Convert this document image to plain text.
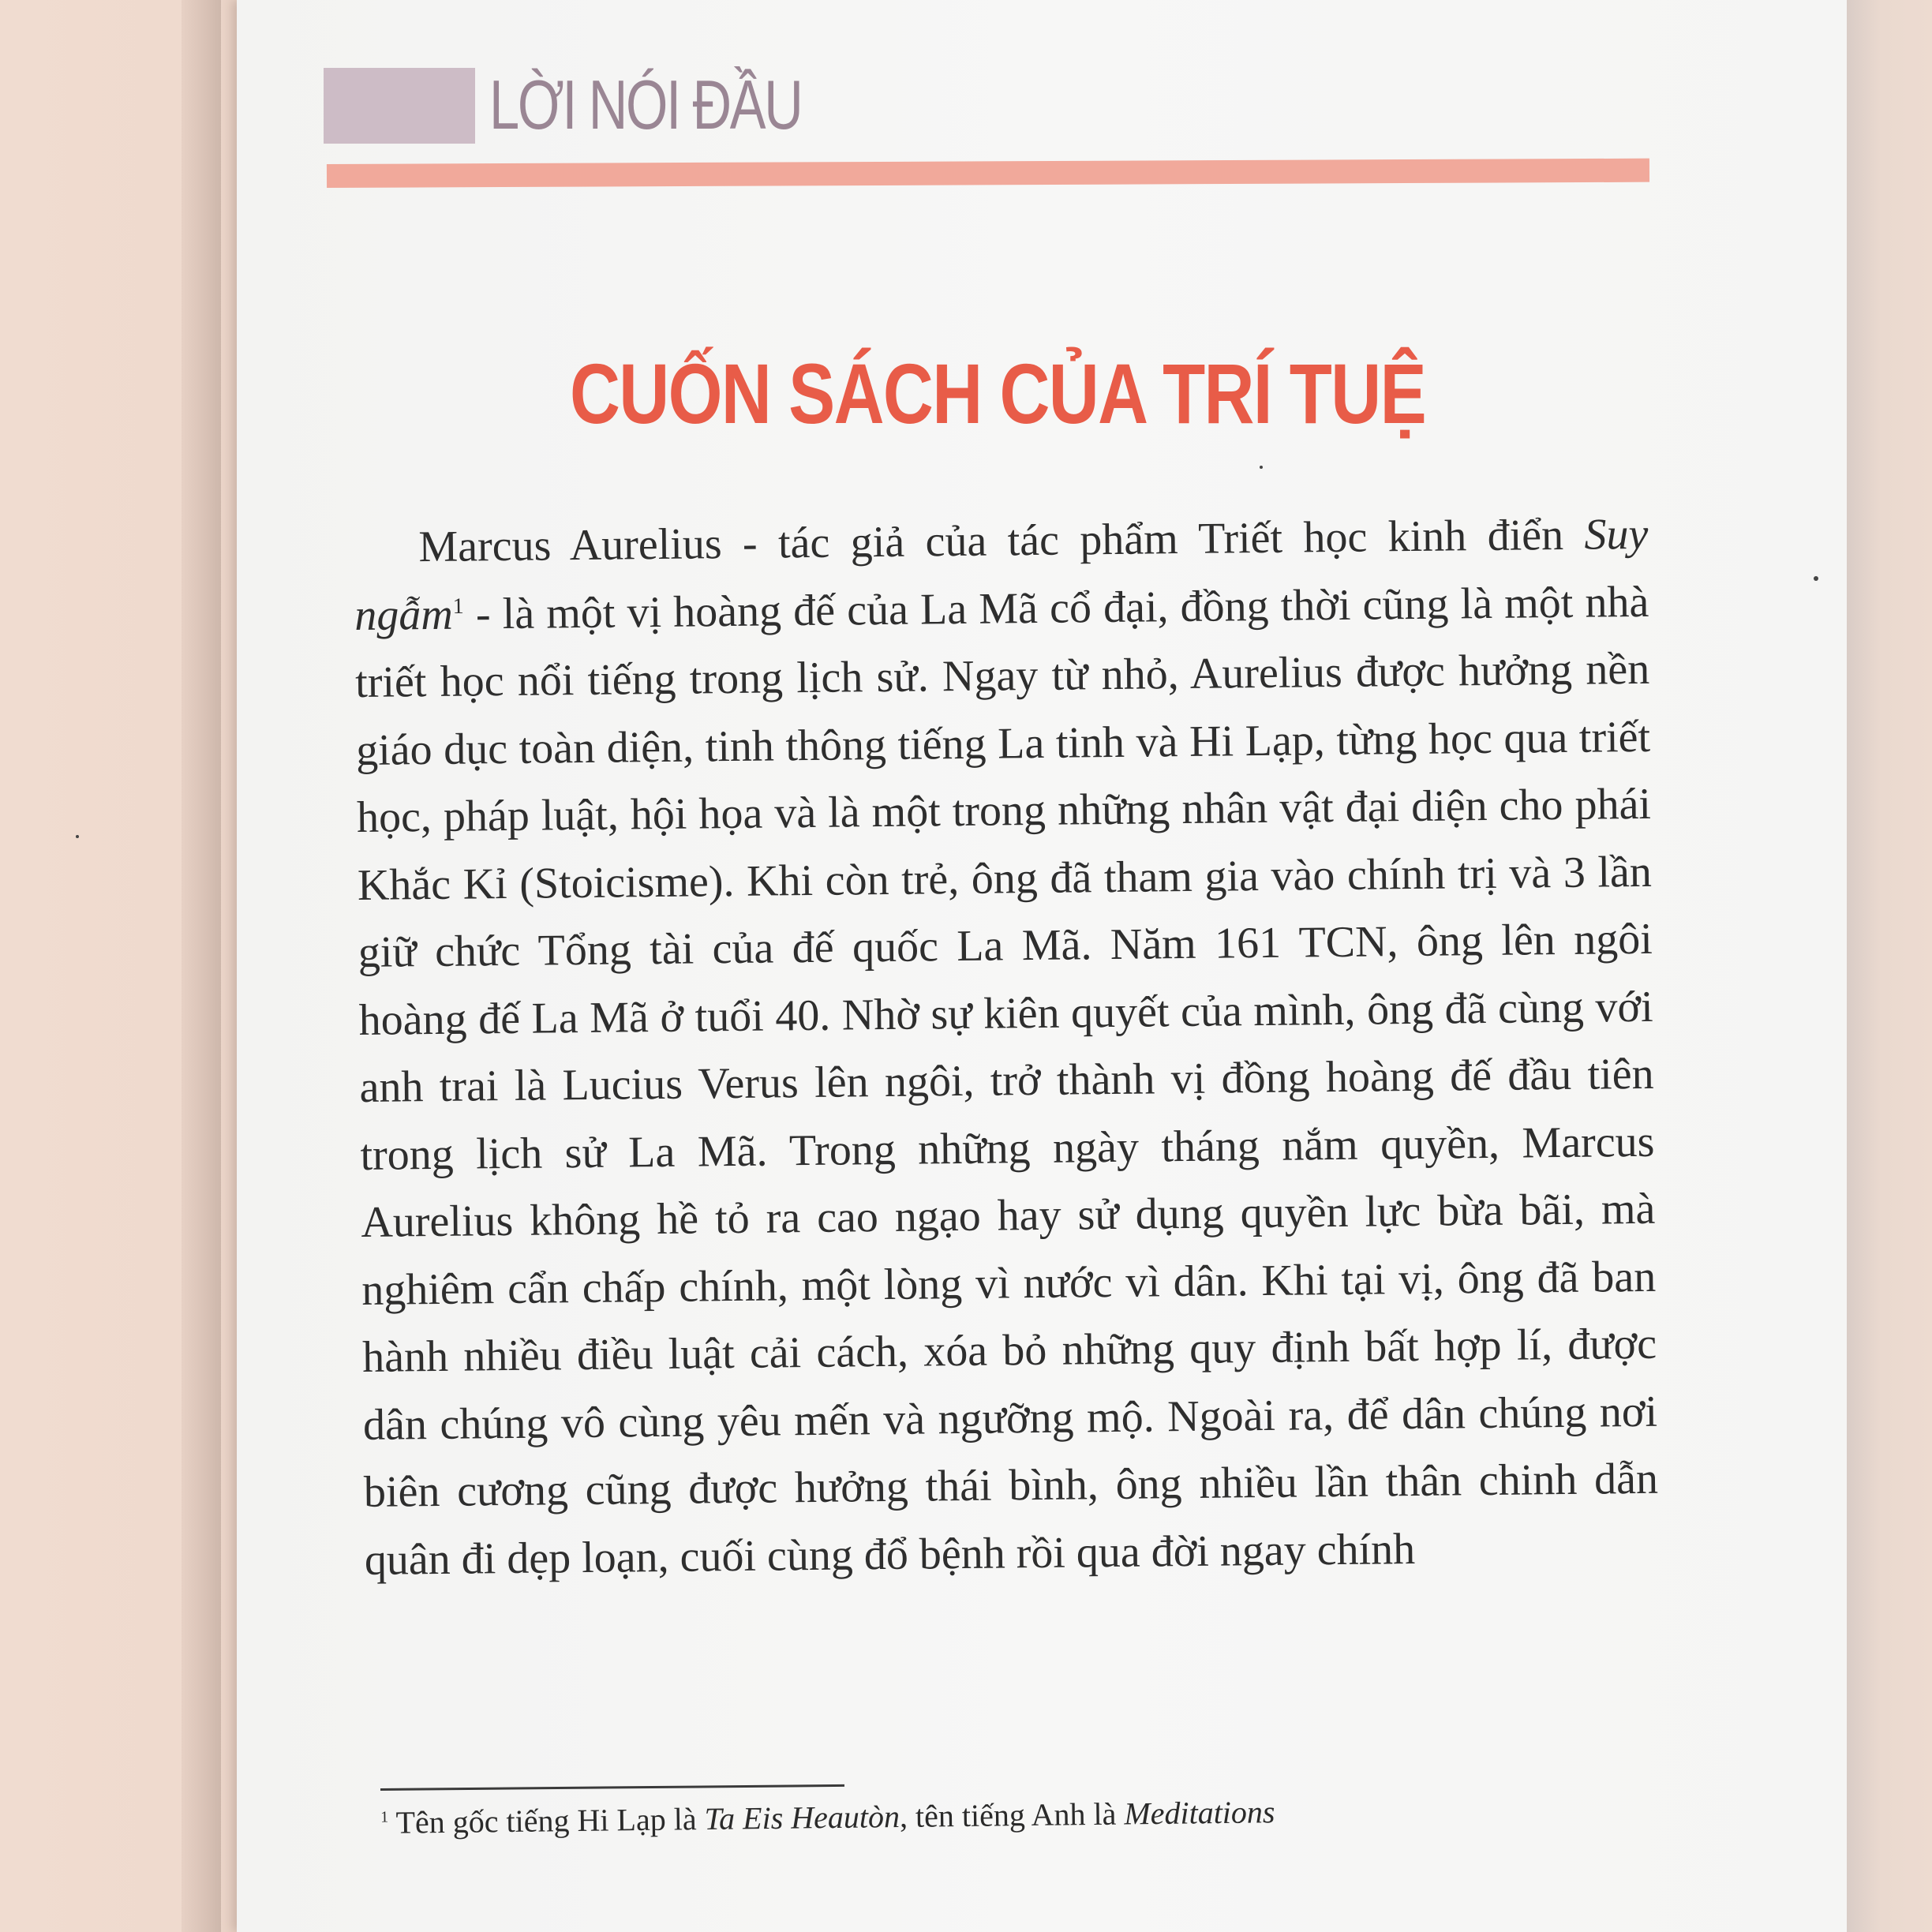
LỜI NÓI ĐẦU
CUỐN SÁCH CỦA TRÍ TUỆ

Marcus Aurelius - tác giả của tác phẩm Triết học kinh điển Suy ngẫm$^1$ - là một vị hoàng đế của La Mã cổ đại, đồng thời cũng là một nhà triết học nổi tiếng trong lịch sử. Ngay từ nhỏ, Aurelius được hưởng nền giáo dục toàn diện, tinh thông tiếng La tinh và Hi Lạp, từng học qua triết học, pháp luật, hội họa và là một trong những nhân vật đại diện cho phái Khắc Kỉ (Stoicisme). Khi còn trẻ, ông đã tham gia vào chính trị và 3 lần giữ chức Tổng tài của đế quốc La Mã. Năm 161 TCN, ông lên ngôi hoàng đế La Mã ở tuổi 40. Nhờ sự kiên quyết của mình, ông đã cùng với anh trai là Lucius Verus lên ngôi, trở thành vị đồng hoàng đế đầu tiên trong lịch sử La Mã. Trong những ngày tháng nắm quyền, Marcus Aurelius không hề tỏ ra cao ngạo hay sử dụng quyền lực bừa bãi, mà nghiêm cẩn chấp chính, một lòng vì nước vì dân. Khi tại vị, ông đã ban hành nhiều điều luật cải cách, xóa bỏ những quy định bất hợp lí, được dân chúng vô cùng yêu mến và ngưỡng mộ. Ngoài ra, để dân chúng nơi biên cương cũng được hưởng thái bình, ông nhiều lần thân chinh dẫn quân đi dẹp loạn, cuối cùng đổ bệnh rồi qua đời ngay chính

$^1$ Tên gốc tiếng Hi Lạp là Ta Eis Heautòn, tên tiếng Anh là Meditations
